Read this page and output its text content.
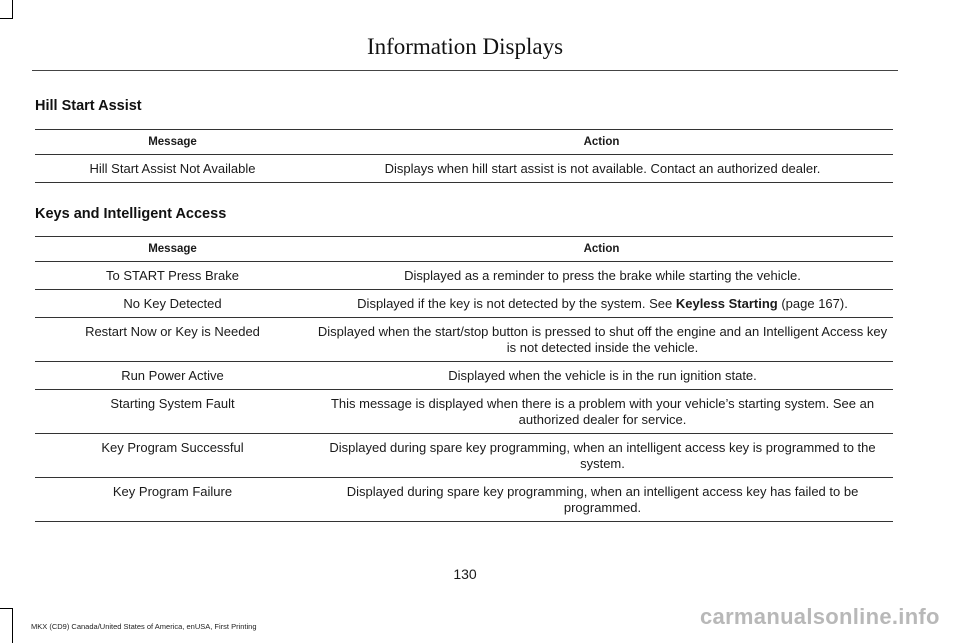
Information Displays
Hill Start Assist
Message	Action
Hill Start Assist Not Available	Displays when hill start assist is not available. Contact an authorized dealer.
Keys and Intelligent Access
Message	Action
To START Press Brake	Displayed as a reminder to press the brake while starting the vehicle.
No Key Detected	Displayed if the key is not detected by the system. See Keyless Starting (page 167).
Restart Now or Key is Needed	Displayed when the start/stop button is pressed to shut off the engine and an Intelligent Access key is not detected inside the vehicle.
Run Power Active	Displayed when the vehicle is in the run ignition state.
Starting System Fault	This message is displayed when there is a problem with your vehicle’s starting system. See an authorized dealer for service.
Key Program Successful	Displayed during spare key programming, when an intelligent access key is programmed to the system.
Key Program Failure	Displayed during spare key programming, when an intelligent access key has failed to be programmed.
130
MKX (CD9) Canada/United States of America, enUSA, First Printing	carmanualsonline.info
